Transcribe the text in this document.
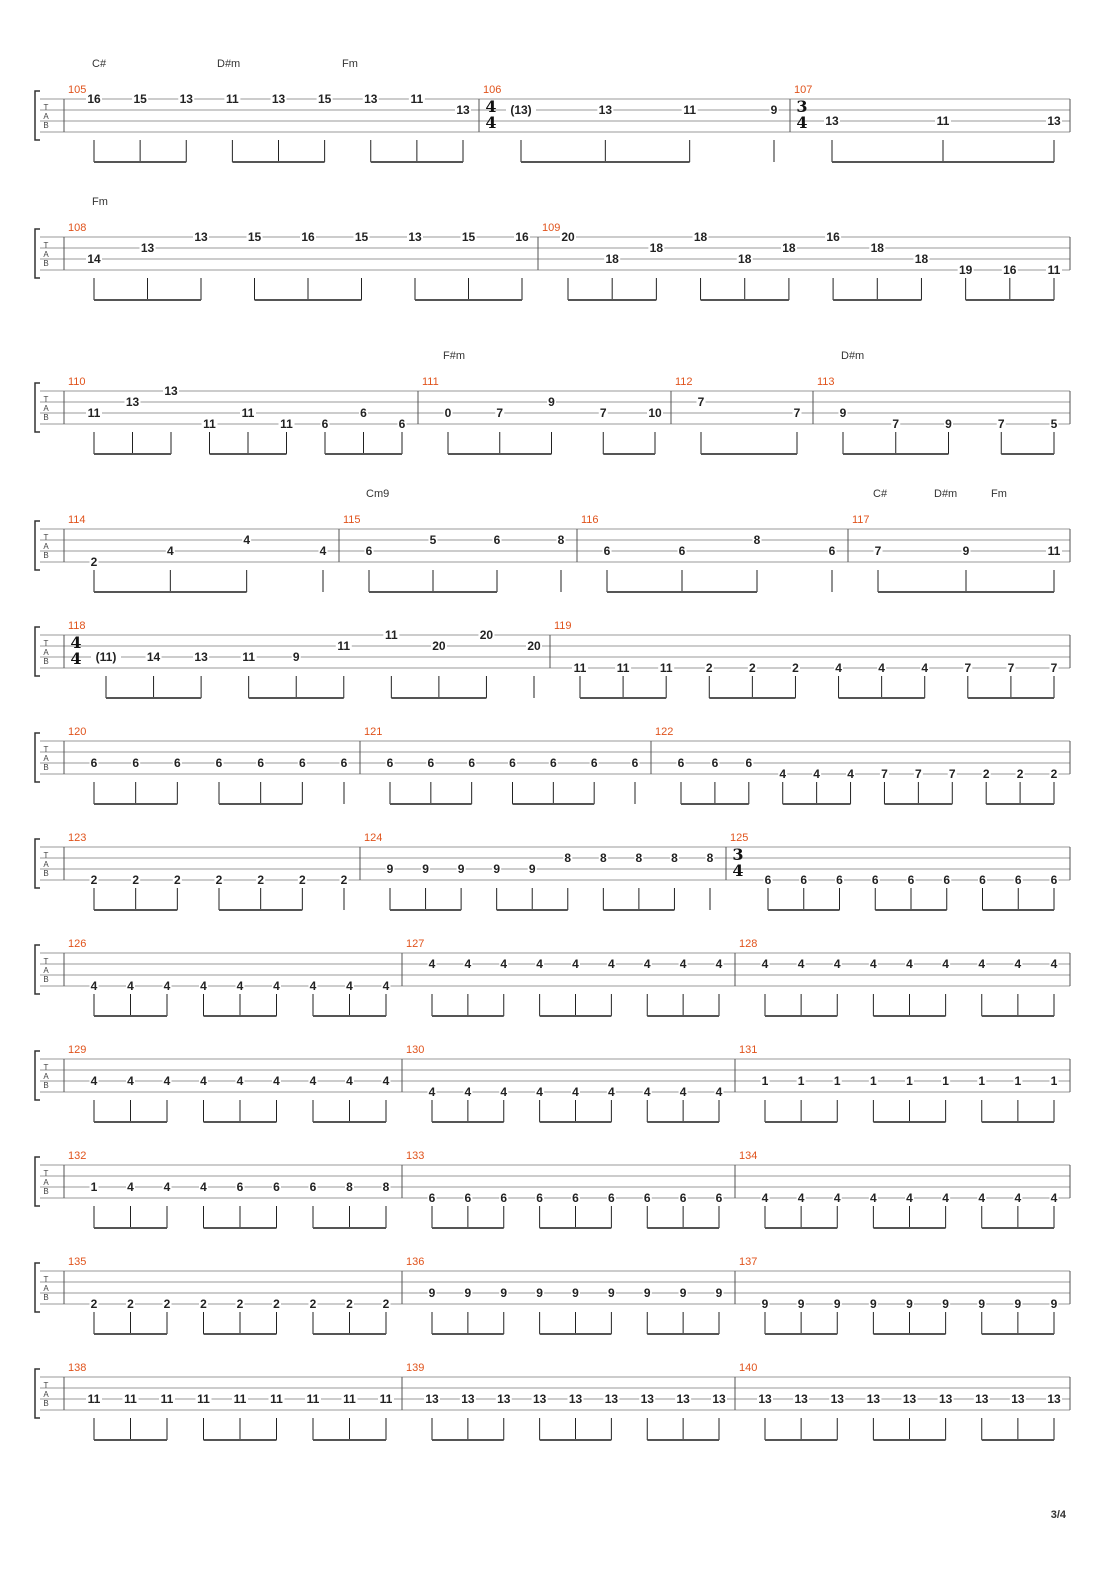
T
A
B
C#	D#m	Fm
105
16	15	13	11	13	15	13	11
13
106
4
4
(13)	13	11	9
107
3
4 13	11	13
T
A
B
Fm
108
14
13
13	15	16	15	13	15	16
109
20
18
18
18
18
18
16
18
18
19	16	11
T
A
B
F#m	D#m
110
11
13
13
11
11
11 6
6
6
111
0	7
9
7	10
112
7
7
113
9
7	9	7	5
T
A
B
Cm9	C#	D#m	Fm
114
2
4
4
4
115
6
5	6	8
116
6	6
8
6
117
7	9	11
T
A
B
118
4
4 (11)	14	13	11	9
11
11
20
20
20
119
11	11	11	2	2	2	4	4	4	7	7	7
T
A
B
120
6	6	6	6	6	6	6
121
6	6	6	6	6	6	6
122
6 6 6
4 4 4 7 7 7 2 2 2
T
A
B
123
2	2	2	2	2	2	2
124
9 9 9 9 9
8 8 8 8 8
125
3
4 6 6 6 6 6 6 6 6 6
T
A
B
126
4 4 4 4 4 4 4 4 4
127
4 4 4 4 4 4 4 4 4
128
4 4 4 4 4 4 4 4 4
T
A
B
129
4 4 4 4 4 4 4 4 4
130
4 4 4 4 4 4 4 4 4
131
1 1 1 1 1 1 1 1 1
T
A
B
132
1 4 4 4 6 6 6 8 8
133
6 6 6 6 6 6 6 6 6
134
4 4 4 4 4 4 4 4 4
T
A
B
135
2 2 2 2 2 2 2 2 2
136
9 9 9 9 9 9 9 9 9
137
9 9 9 9 9 9 9 9 9
T
A
B
138
11 11 11 11 11 11 11 11 11
139
13 13 13 13 13 13 13 13 13
140
13 13 13 13 13 13 13 13 13
3/4
